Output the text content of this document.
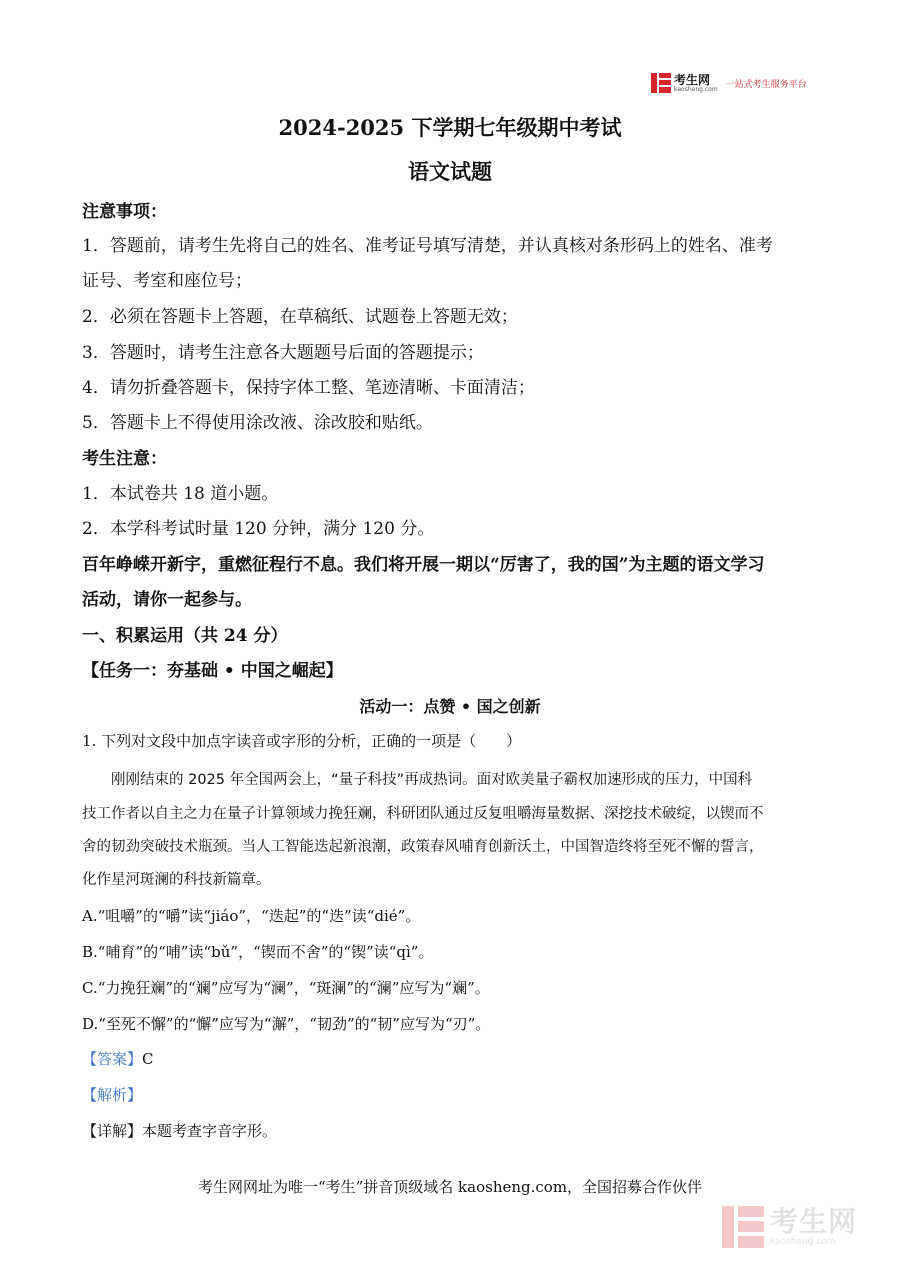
考生网
kaosheng.com 一站式考生服务平台
2024-2025 下学期七年级期中考试
语文试题
注意事项：
1．答题前，请考生先将自己的姓名、准考证号填写清楚，并认真核对条形码上的姓名、准考
证号、考室和座位号；
2．必须在答题卡上答题，在草稿纸、试题卷上答题无效；
3．答题时，请考生注意各大题题号后面的答题提示；
4．请勿折叠答题卡，保持字体工整、笔迹清晰、卡面清洁；
5．答题卡上不得使用涂改液、涂改胶和贴纸。
考生注意：
1．本试卷共 18 道小题。
2．本学科考试时量 120 分钟，满分 120 分。
百年峥嵘开新宇，重燃征程行不息。我们将开展一期以“厉害了，我的国”为主题的语文学习
活动，请你一起参与。
一、积累运用（共 24 分）
【任务一：夯基础 • 中国之崛起】
活动一：点赞 • 国之创新
1. 下列对文段中加点字读音或字形的分析，正确的一项是（　　）
　　刚刚结束的 2025 年全国两会上，“量子科技”再成热词。面对欧美量子霸权加速形成的压力，中国科
技工作者以自主之力在量子计算领域力挽狂斓，科研团队通过反复咀嚼海量数据、深挖技术破绽，以锲而不
舍的韧劲突破技术瓶颈。当人工智能迭起新浪潮，政策春风哺育创新沃土，中国智造终将至死不懈的誓言，
化作星河斑澜的科技新篇章。
A.“咀嚼”的“嚼”读“jiáo”，“迭起”的“迭”读“dié”。
B.“哺育”的“哺”读“bǔ”，“锲而不舍”的“锲”读“qì”。
C.“力挽狂斓”的“斓”应写为“澜”，“斑澜”的“澜”应写为“斓”。
D.“至死不懈”的“懈”应写为“澥”，“韧劲”的“韧”应写为“刃”。
【答案】C
【解析】
【详解】本题考查字音字形。
考生网网址为唯一“考生”拼音顶级域名 kaosheng.com，全国招募合作伙伴
考生网
kaosheng.com
